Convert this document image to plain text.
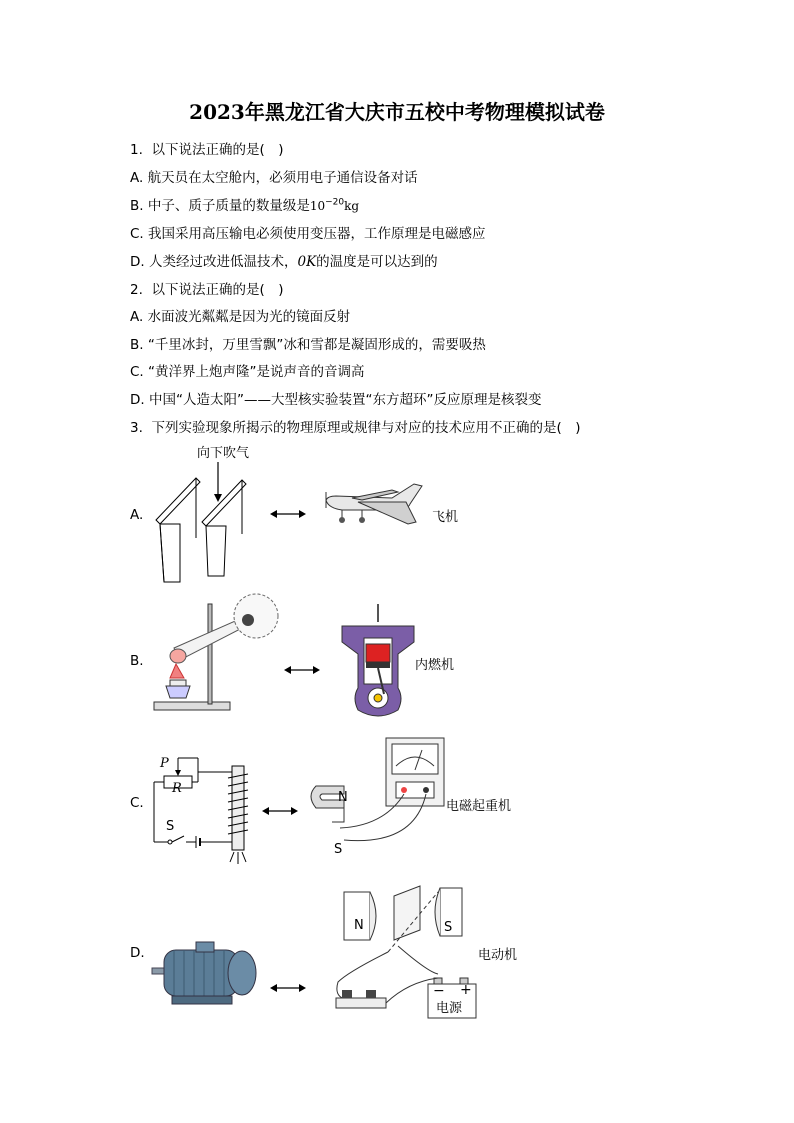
2023年黑龙江省大庆市五校中考物理模拟试卷
1. 以下说法正确的是(　)
A. 航天员在太空舱内，必须用电子通信设备对话
B. 中子、质子质量的数量级是$10^{-20}kg$
C. 我国采用高压输电必须使用变压器，工作原理是电磁感应
D. 人类经过改进低温技术，0K的温度是可以达到的
2. 以下说法正确的是(　)
A. 水面波光粼粼是因为光的镜面反射
B. “千里冰封，万里雪飘”冰和雪都是凝固形成的，需要吸热
C. “黄洋界上炮声隆”是说声音的音调高
D. 中国“人造太阳”——大型核实验装置“东方超环”反应原理是核裂变
3. 下列实验现象所揭示的物理原理或规律与对应的技术应用不正确的是(　)
A.
向下吹气
飞机
B.	内燃机
C.
P
R
S
N
S
电磁起重机
D.
N	S
− +
电源
电动机
